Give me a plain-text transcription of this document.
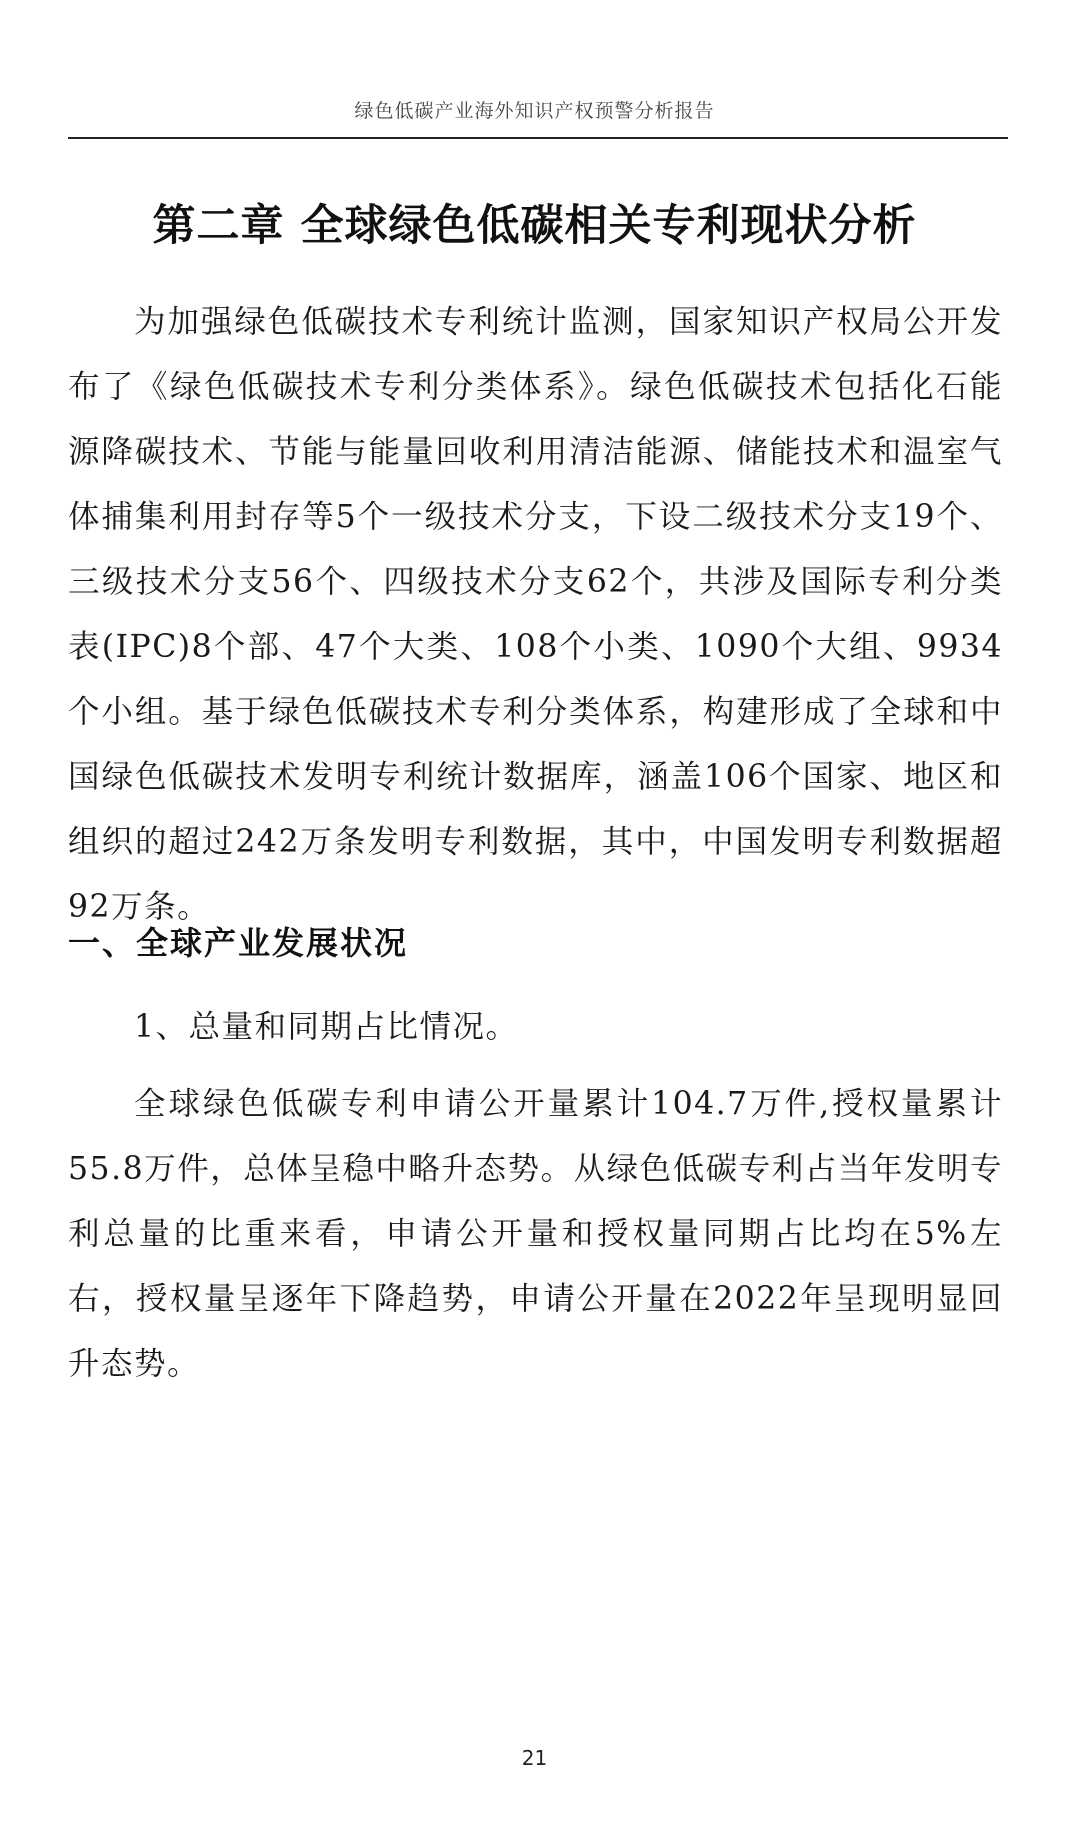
绿色低碳产业海外知识产权预警分析报告
第二章 全球绿色低碳相关专利现状分析

为加强绿色低碳技术专利统计监测，国家知识产权局公开发布了《绿色低碳技术专利分类体系》。绿色低碳技术包括化石能源降碳技术、节能与能量回收利用清洁能源、储能技术和温室气体捕集利用封存等5个一级技术分支，下设二级技术分支19个、三级技术分支56个、四级技术分支62个，共涉及国际专利分类表(IPC)8个部、47个大类、108个小类、1090个大组、9934个小组。基于绿色低碳技术专利分类体系，构建形成了全球和中国绿色低碳技术发明专利统计数据库，涵盖106个国家、地区和组织的超过242万条发明专利数据，其中，中国发明专利数据超92万条。

一、全球产业发展状况
1、总量和同期占比情况。

全球绿色低碳专利申请公开量累计104.7万件,授权量累计55.8万件，总体呈稳中略升态势。从绿色低碳专利占当年发明专利总量的比重来看，申请公开量和授权量同期占比均在5%左右，授权量呈逐年下降趋势，申请公开量在2022年呈现明显回升态势。

21
